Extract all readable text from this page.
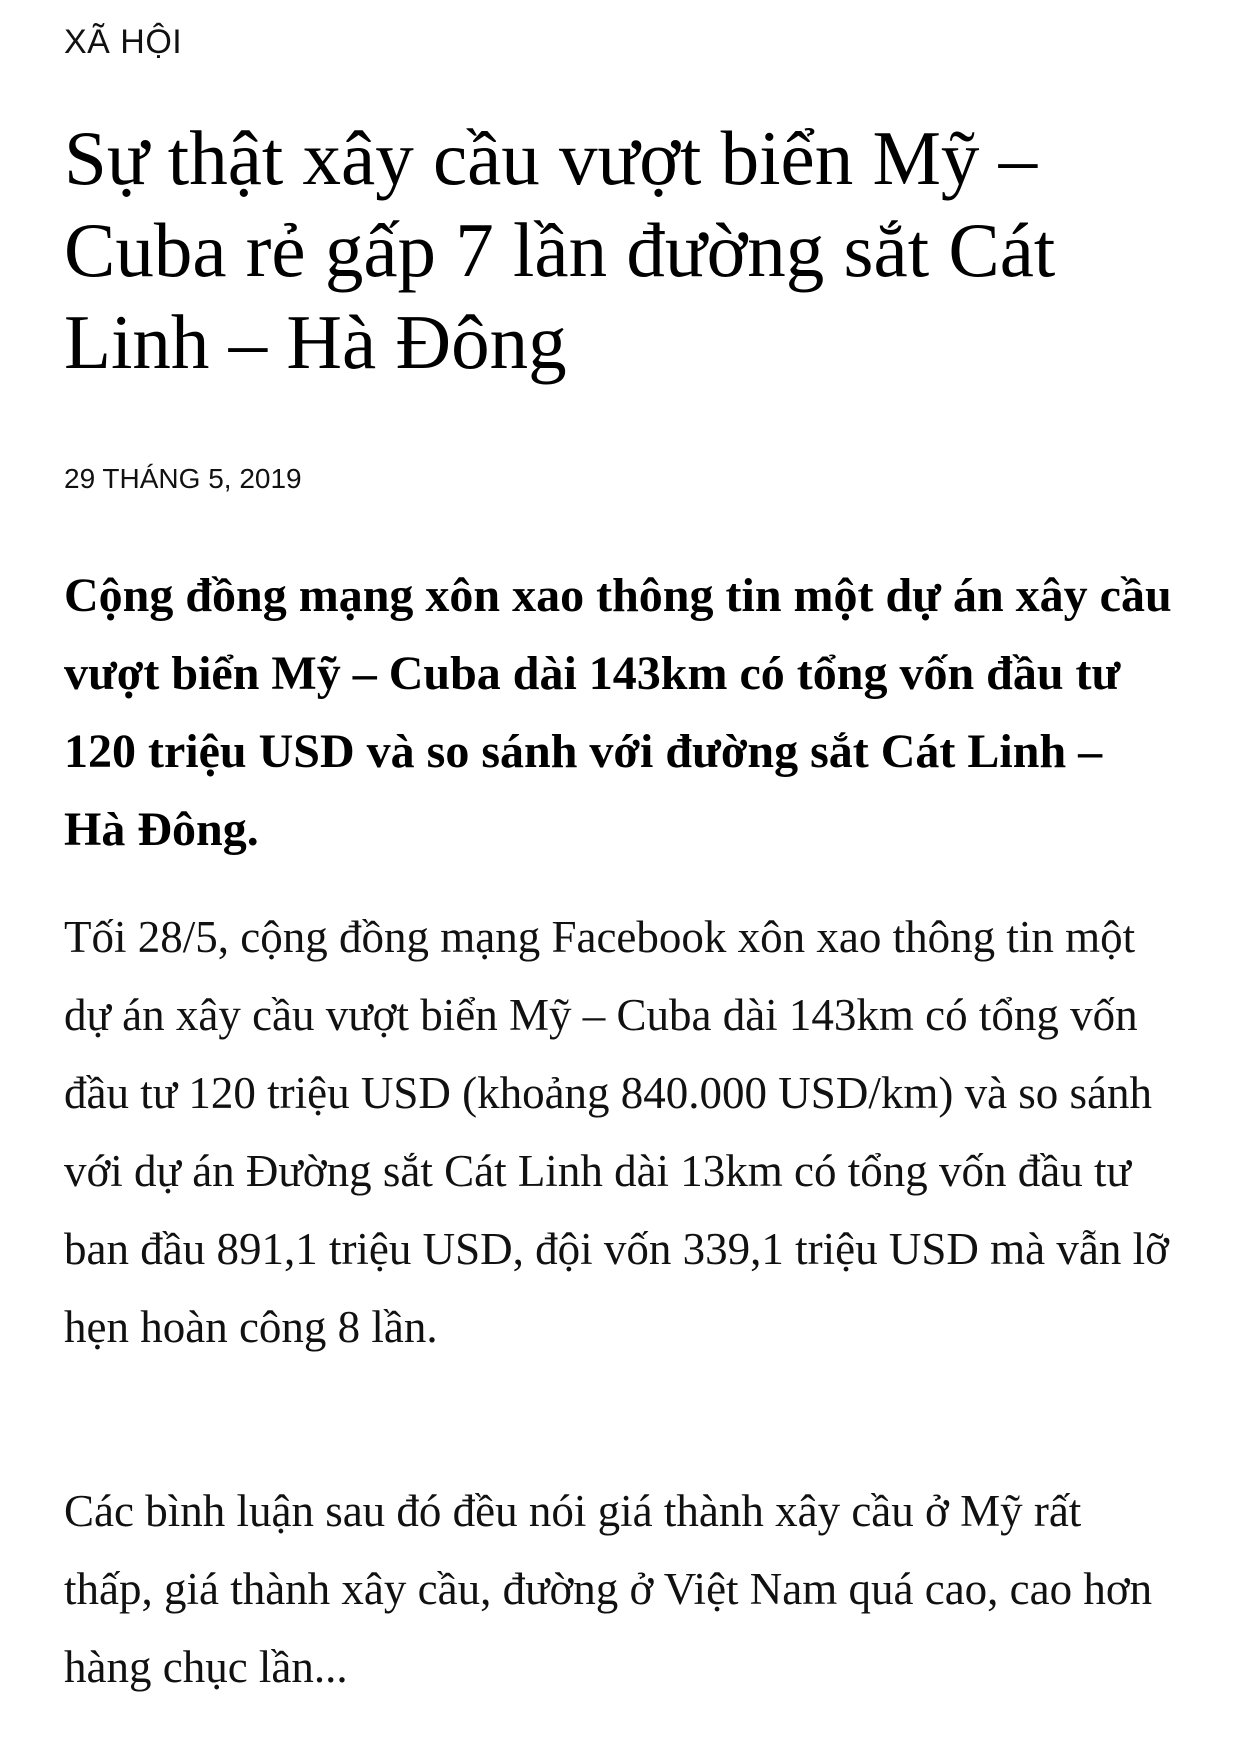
XÃ HỘI
Sự thật xây cầu vượt biển Mỹ – Cuba rẻ gấp 7 lần đường sắt Cát Linh – Hà Đông
29 THÁNG 5, 2019

Cộng đồng mạng xôn xao thông tin một dự án xây cầu vượt biển Mỹ – Cuba dài 143km có tổng vốn đầu tư 120 triệu USD và so sánh với đường sắt Cát Linh – Hà Đông.

Tối 28/5, cộng đồng mạng Facebook xôn xao thông tin một dự án xây cầu vượt biển Mỹ – Cuba dài 143km có tổng vốn đầu tư 120 triệu USD (khoảng 840.000 USD/km) và so sánh với dự án Đường sắt Cát Linh dài 13km có tổng vốn đầu tư ban đầu 891,1 triệu USD, đội vốn 339,1 triệu USD mà vẫn lỡ hẹn hoàn công 8 lần.

Các bình luận sau đó đều nói giá thành xây cầu ở Mỹ rất thấp, giá thành xây cầu, đường ở Việt Nam quá cao, cao hơn hàng chục lần...
